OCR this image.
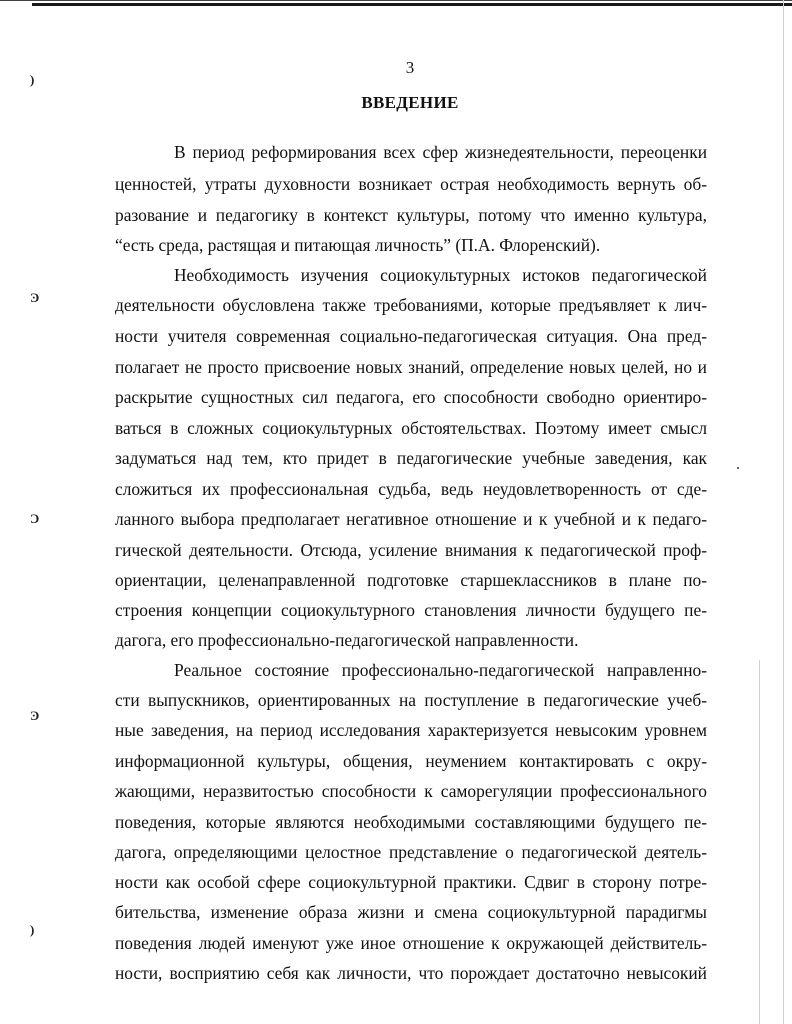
)
Ͽ
Ͻ
Ͽ
)
3
ВВЕДЕНИЕ
В период реформирования всех сфер жизнедеятельности, переоценки
ценностей, утраты духовности возникает острая необходимость вернуть об-
разование и педагогику в контекст культуры, потому что именно культура,
“есть среда, растящая и питающая личность” (П.А. Флоренский).
Необходимость изучения социокультурных истоков педагогической
деятельности обусловлена также требованиями, которые предъявляет к лич-
ности учителя современная социально-педагогическая ситуация. Она пред-
полагает не просто присвоение новых знаний, определение новых целей, но и
раскрытие сущностных сил педагога, его способности свободно ориентиро-
ваться в сложных социокультурных обстоятельствах. Поэтому имеет смысл
задуматься над тем, кто придет в педагогические учебные заведения, как
сложиться их профессиональная судьба, ведь неудовлетворенность от сде-
ланного выбора предполагает негативное отношение и к учебной и к педаго-
гической деятельности. Отсюда, усиление внимания к педагогической проф-
ориентации, целенаправленной подготовке старшеклассников в плане по-
строения концепции социокультурного становления личности будущего пе-
дагога, его профессионально-педагогической направленности.
Реальное состояние профессионально-педагогической направленно-
сти выпускников, ориентированных на поступление в педагогические учеб-
ные заведения, на период исследования характеризуется невысоким уровнем
информационной культуры, общения, неумением контактировать с окру-
жающими, неразвитостью способности к саморегуляции профессионального
поведения, которые являются необходимыми составляющими будущего пе-
дагога, определяющими целостное представление о педагогической деятель-
ности как особой сфере социокультурной практики. Сдвиг в сторону потре-
бительства, изменение образа жизни и смена социокультурной парадигмы
поведения людей именуют уже иное отношение к окружающей действитель-
ности, восприятию себя как личности, что порождает достаточно невысокий
